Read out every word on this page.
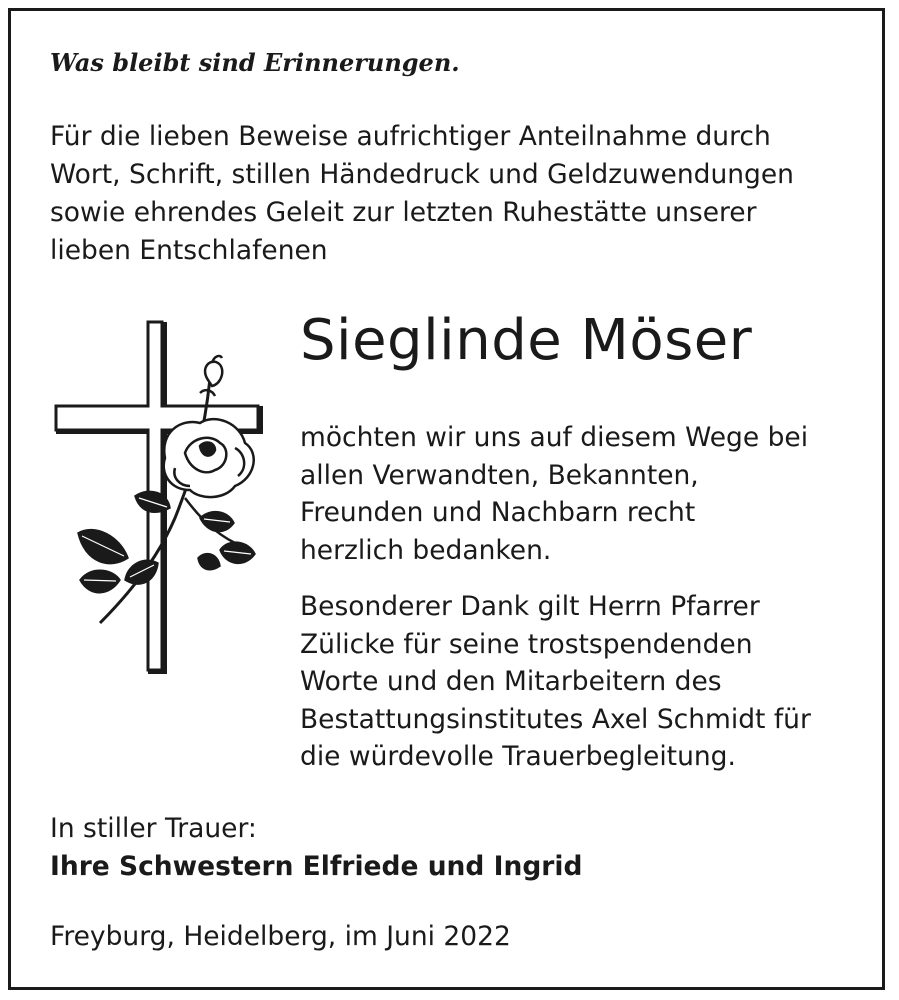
Was bleibt sind Erinnerungen.
Für die lieben Beweise aufrichtiger Anteilnahme durch
Wort, Schrift, stillen Händedruck und Geldzuwendungen
sowie ehrendes Geleit zur letzten Ruhestätte unserer
lieben Entschlafenen
Sieglinde Möser
möchten wir uns auf diesem Wege bei
allen Verwandten, Bekannten,
Freunden und Nachbarn recht
herzlich bedanken.
Besonderer Dank gilt Herrn Pfarrer
Zülicke für seine trostspendenden
Worte und den Mitarbeitern des
Bestattungsinstitutes Axel Schmidt für
die würdevolle Trauerbegleitung.
In stiller Trauer:
Ihre Schwestern Elfriede und Ingrid
Freyburg, Heidelberg, im Juni 2022
